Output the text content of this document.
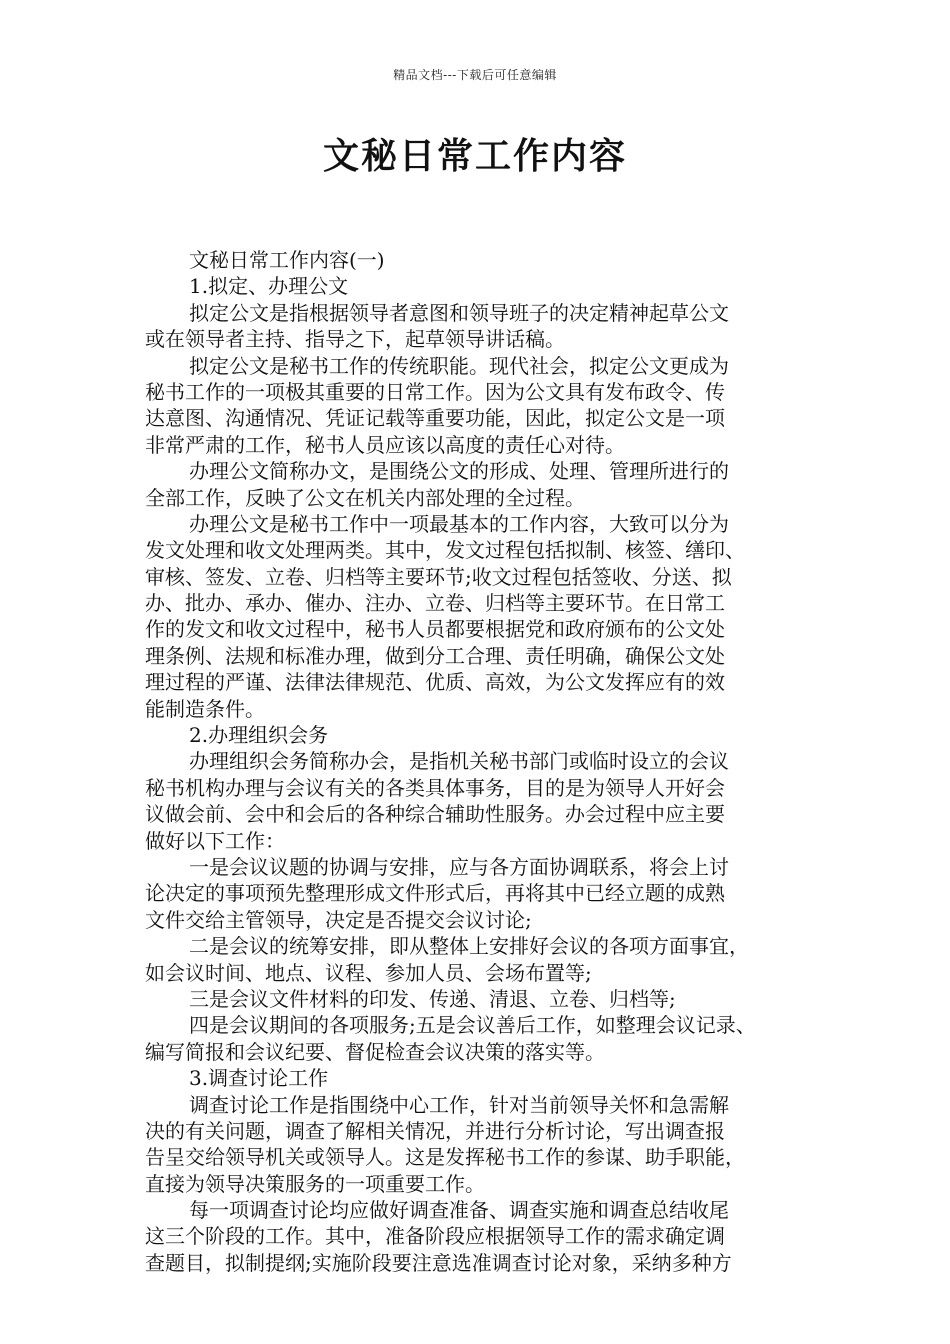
精品文档---下载后可任意编辑
文秘日常工作内容
文秘日常工作内容(一)
1.拟定、办理公文
拟定公文是指根据领导者意图和领导班子的决定精神起草公文
或在领导者主持、指导之下，起草领导讲话稿。
拟定公文是秘书工作的传统职能。现代社会，拟定公文更成为
秘书工作的一项极其重要的日常工作。因为公文具有发布政令、传
达意图、沟通情况、凭证记载等重要功能，因此，拟定公文是一项
非常严肃的工作，秘书人员应该以高度的责任心对待。
办理公文简称办文，是围绕公文的形成、处理、管理所进行的
全部工作，反映了公文在机关内部处理的全过程。
办理公文是秘书工作中一项最基本的工作内容，大致可以分为
发文处理和收文处理两类。其中，发文过程包括拟制、核签、缮印、
审核、签发、立卷、归档等主要环节;收文过程包括签收、分送、拟
办、批办、承办、催办、注办、立卷、归档等主要环节。在日常工
作的发文和收文过程中，秘书人员都要根据党和政府颁布的公文处
理条例、法规和标准办理，做到分工合理、责任明确，确保公文处
理过程的严谨、法律法律规范、优质、高效，为公文发挥应有的效
能制造条件。
2.办理组织会务
办理组织会务简称办会，是指机关秘书部门或临时设立的会议
秘书机构办理与会议有关的各类具体事务，目的是为领导人开好会
议做会前、会中和会后的各种综合辅助性服务。办会过程中应主要
做好以下工作：
一是会议议题的协调与安排，应与各方面协调联系，将会上讨
论决定的事项预先整理形成文件形式后，再将其中已经立题的成熟
文件交给主管领导，决定是否提交会议讨论;
二是会议的统筹安排，即从整体上安排好会议的各项方面事宜，
如会议时间、地点、议程、参加人员、会场布置等;
三是会议文件材料的印发、传递、清退、立卷、归档等;
四是会议期间的各项服务;五是会议善后工作，如整理会议记录、
编写简报和会议纪要、督促检查会议决策的落实等。
3.调查讨论工作
调查讨论工作是指围绕中心工作，针对当前领导关怀和急需解
决的有关问题，调查了解相关情况，并进行分析讨论，写出调查报
告呈交给领导机关或领导人。这是发挥秘书工作的参谋、助手职能，
直接为领导决策服务的一项重要工作。
每一项调查讨论均应做好调查准备、调查实施和调查总结收尾
这三个阶段的工作。其中，准备阶段应根据领导工作的需求确定调
查题目，拟制提纲;实施阶段要注意选准调查讨论对象，采纳多种方
